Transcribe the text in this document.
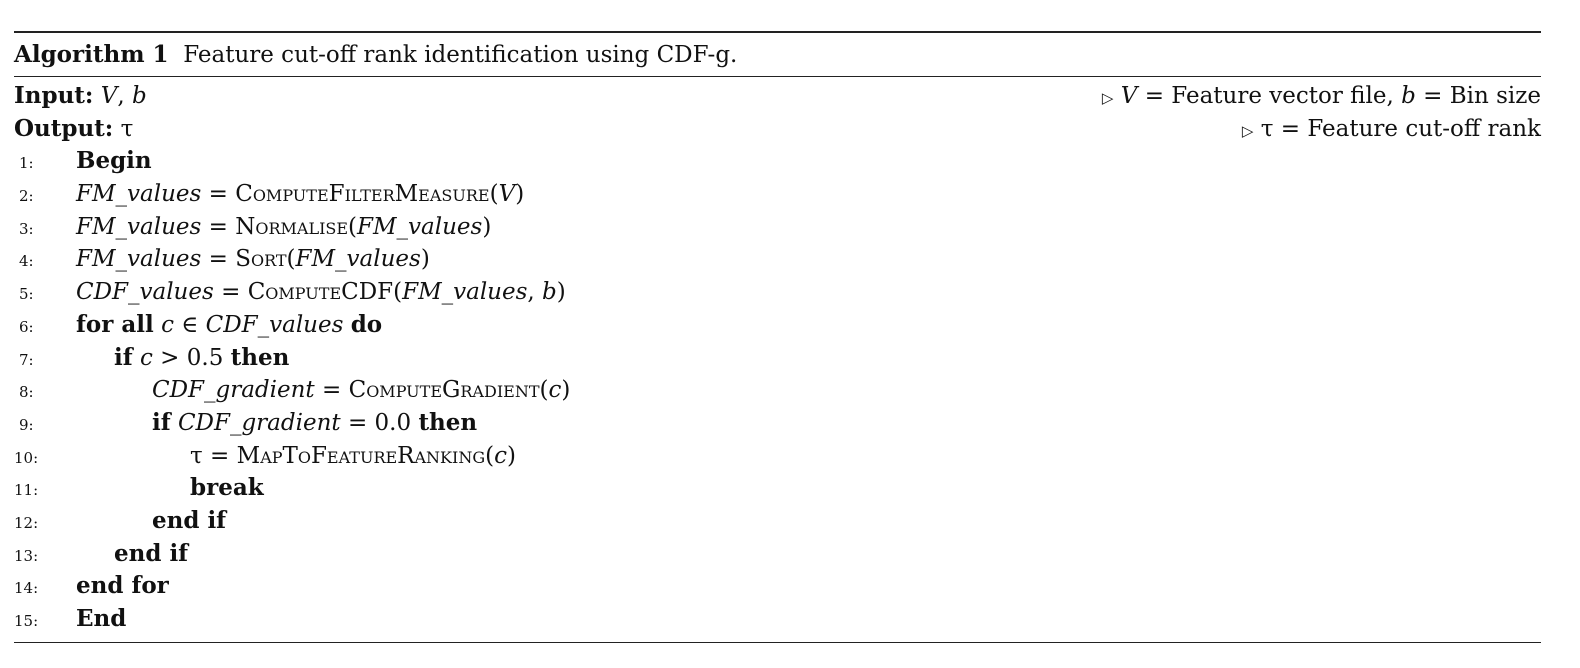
Algorithm 1 Feature cut-off rank identification using CDF-g.
Input: V, b	▷ V = Feature vector file, b = Bin size
Output: τ	▷ τ = Feature cut-off rank
1: Begin
2: FM_values = ComputeFilterMeasure(V)
3: FM_values = Normalise(FM_values)
4: FM_values = Sort(FM_values)
5: CDF_values = ComputeCDF(FM_values, b)
6: for all c ∈ CDF_values do
7:	if c > 0.5 then
8:	CDF_gradient = ComputeGradient(c)
9:	if CDF_gradient = 0.0 then
10:	τ = MapToFeatureRanking(c)
11:	break
12:	end if
13:	end if
14: end for
15: End
